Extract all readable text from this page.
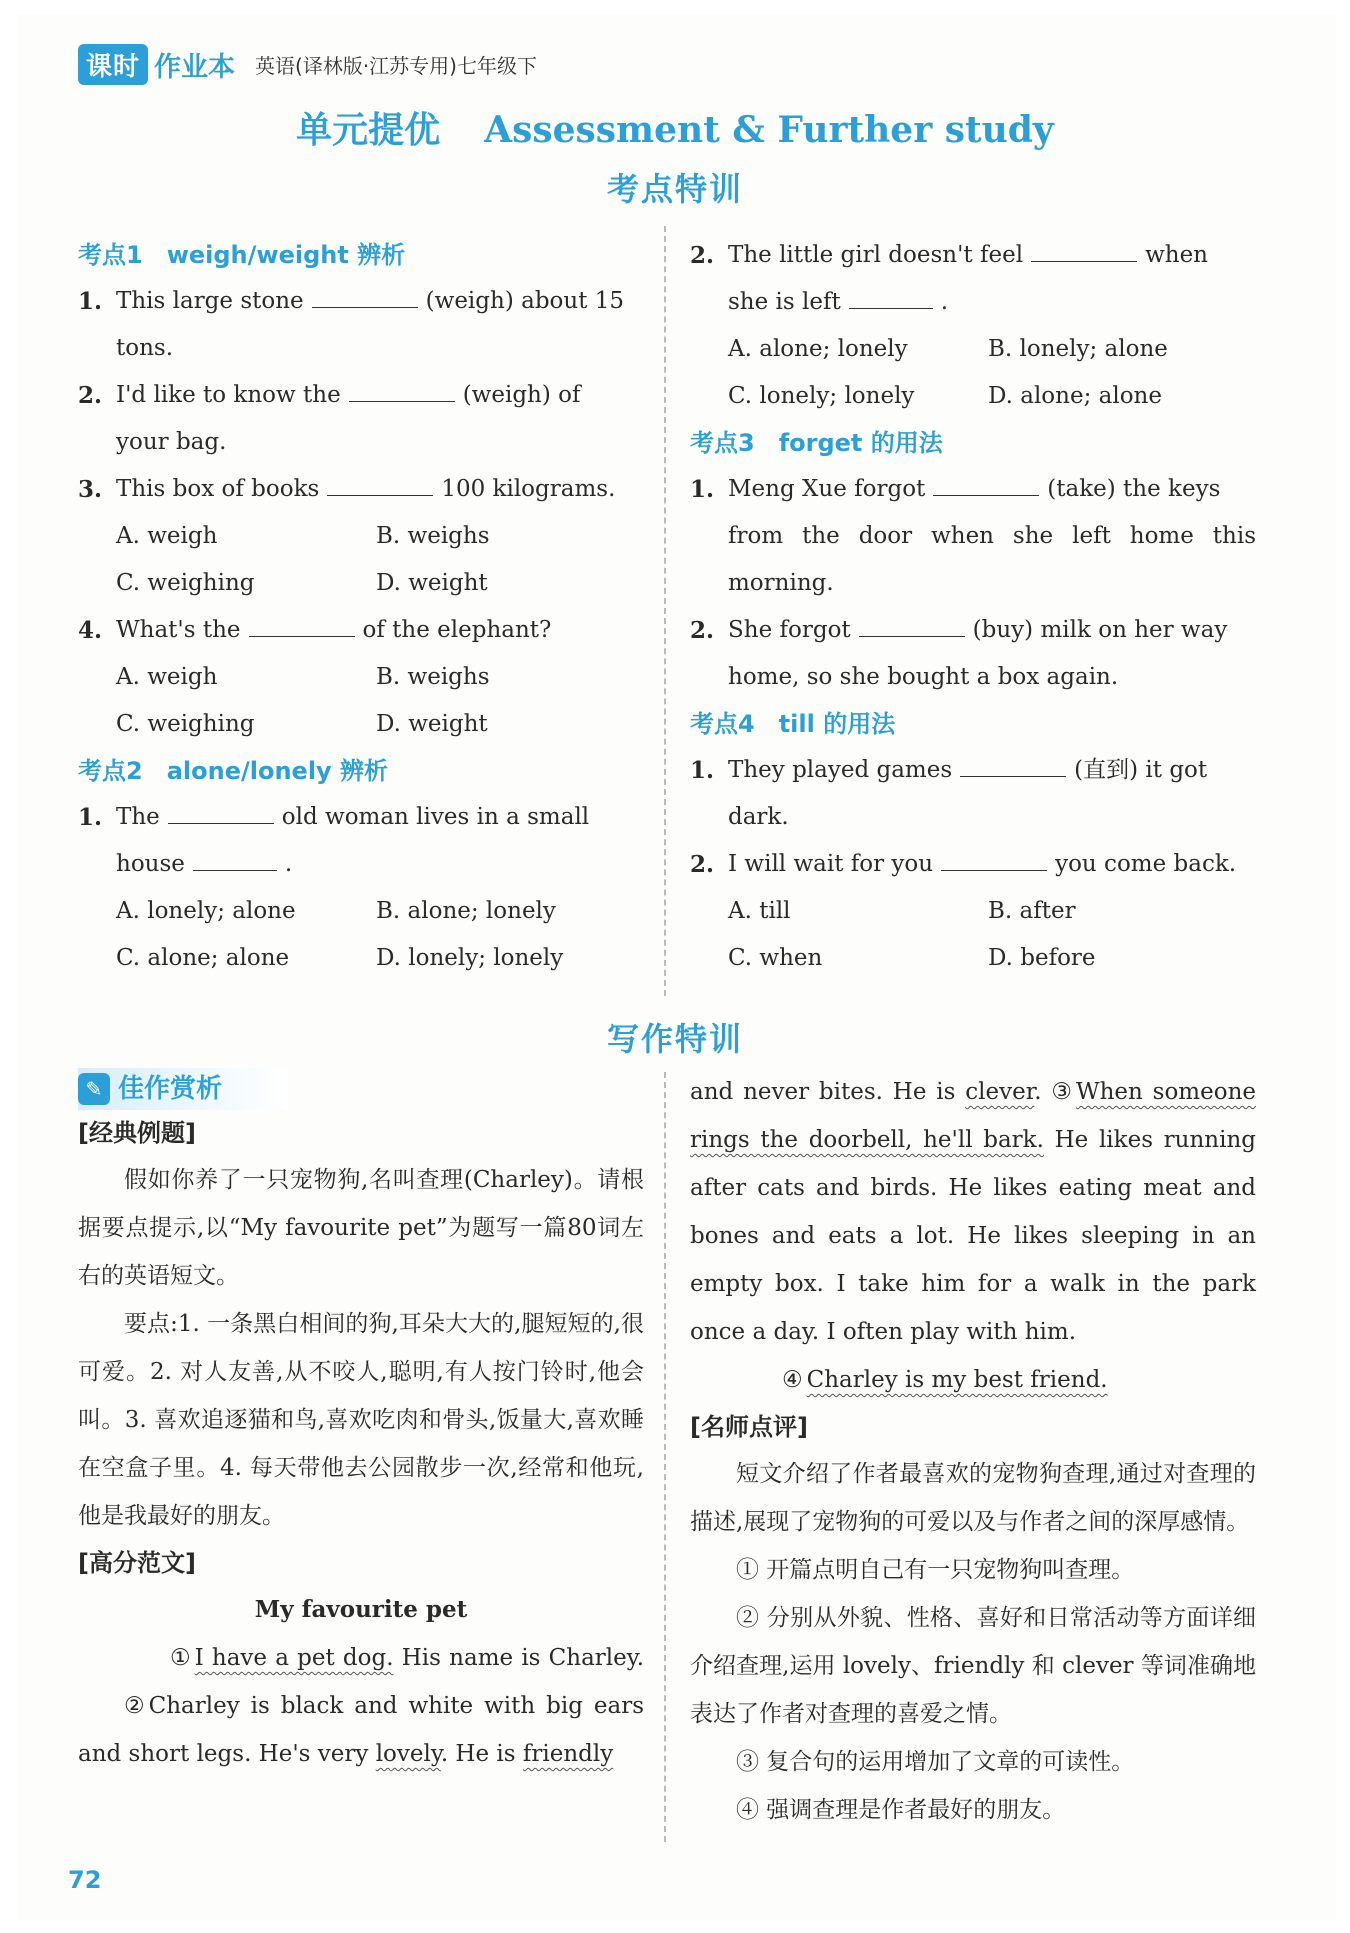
课时 作业本 英语(译林版·江苏专用)七年级下
单元提优 Assessment & Further study
考点特训
考点1 weigh/weight 辨析
1. This large stone	(weigh) about 15
tons.
2. I'd like to know the	(weigh) of
your bag.
3. This box of books	100 kilograms.
A. weigh	B. weighs
C. weighing	D. weight
4. What's the	of the elephant?
A. weigh	B. weighs
C. weighing	D. weight
考点2 alone/lonely 辨析
1. The	old woman lives in a small
house	.
A. lonely; alone	B. alone; lonely
C. alone; alone	D. lonely; lonely
2. The little girl doesn't feel	when
she is left	.
A. alone; lonely	B. lonely; alone
C. lonely; lonely	D. alone; alone
考点3 forget 的用法
1. Meng Xue forgot	(take) the keys
from the door when she left home this morning.
2. She forgot	(buy) milk on her way
home, so she bought a box again.
考点4 till 的用法
1. They played games	(直到) it got
dark.
2. I will wait for you	you come back.
A. till	B. after
C. when	D. before
写作特训
✎ 佳作赏析
[经典例题]
假如你养了一只宠物狗,名叫查理(Charley)。请根据要点提示,以“My favourite pet”为题写一篇80词左右的英语短文。
要点:1. 一条黑白相间的狗,耳朵大大的,腿短短的,很可爱。2. 对人友善,从不咬人,聪明,有人按门铃时,他会叫。3. 喜欢追逐猫和鸟,喜欢吃肉和骨头,饭量大,喜欢睡在空盒子里。4. 每天带他去公园散步一次,经常和他玩,他是我最好的朋友。
[高分范文]
My favourite pet
① I have a pet dog. His name is Charley. ② Charley is black and white with big ears and short legs. He's very lovely. He is friendly
and never bites. He is clever. ③ When someone rings the doorbell, he'll bark. He likes running after cats and birds. He likes eating meat and bones and eats a lot. He likes sleeping in an empty box. I take him for a walk in the park once a day. I often play with him.
④ Charley is my best friend.
[名师点评]
短文介绍了作者最喜欢的宠物狗查理,通过对查理的描述,展现了宠物狗的可爱以及与作者之间的深厚感情。
① 开篇点明自己有一只宠物狗叫查理。
② 分别从外貌、性格、喜好和日常活动等方面详细介绍查理,运用 lovely、friendly 和 clever 等词准确地表达了作者对查理的喜爱之情。
③ 复合句的运用增加了文章的可读性。
④ 强调查理是作者最好的朋友。
72
